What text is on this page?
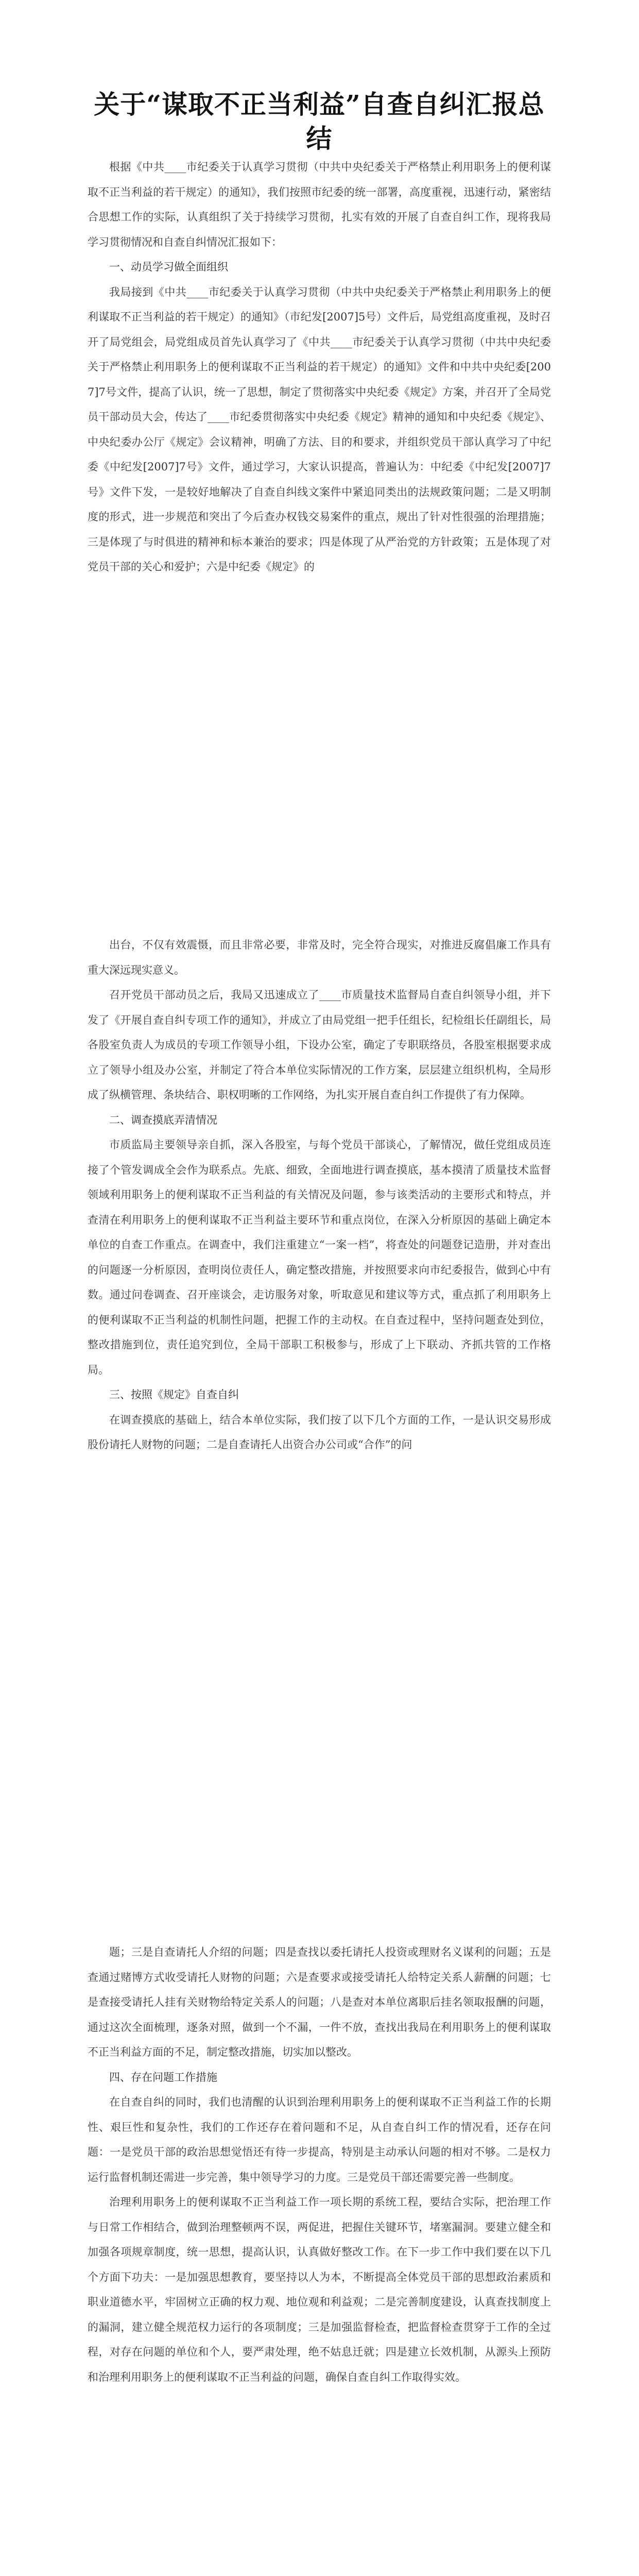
关于“谋取不正当利益”自查自纠汇报总结

根据《中共____市纪委关于认真学习贯彻（中共中央纪委关于严格禁止利用职务上的便利谋取不正当利益的若干规定）的通知》，我们按照市纪委的统一部署，高度重视，迅速行动，紧密结合思想工作的实际，认真组织了关于持续学习贯彻，扎实有效的开展了自查自纠工作，现将我局学习贯彻情况和自查自纠情况汇报如下：

一、动员学习做全面组织

我局接到《中共____市纪委关于认真学习贯彻（中共中央纪委关于严格禁止利用职务上的便利谋取不正当利益的若干规定）的通知》（市纪发[2007]5号）文件后，局党组高度重视，及时召开了局党组会，局党组成员首先认真学习了《中共____市纪委关于认真学习贯彻（中共中央纪委关于严格禁止利用职务上的便利谋取不正当利益的若干规定）的通知》文件和中共中央纪委[2007]7号文件，提高了认识，统一了思想，制定了贯彻落实中央纪委《规定》方案，并召开了全局党员干部动员大会，传达了____市纪委贯彻落实中央纪委《规定》精神的通知和中央纪委《规定》、中央纪委办公厅《规定》会议精神，明确了方法、目的和要求，并组织党员干部认真学习了中纪委《中纪发[2007]7号》文件，通过学习，大家认识提高，普遍认为：中纪委《中纪发[2007]7号》文件下发，一是较好地解决了自查自纠线文案件中紧追同类出的法规政策问题；二是又明制度的形式，进一步规范和突出了今后查办权钱交易案件的重点，规出了针对性很强的治理措施；三是体现了与时俱进的精神和标本兼治的要求；四是体现了从严治党的方针政策；五是体现了对党员干部的关心和爱护；六是中纪委《规定》的

出台，不仅有效震慑，而且非常必要，非常及时，完全符合现实，对推进反腐倡廉工作具有重大深远现实意义。

召开党员干部动员之后，我局又迅速成立了____市质量技术监督局自查自纠领导小组，并下发了《开展自查自纠专项工作的通知》，并成立了由局党组一把手任组长，纪检组长任副组长，局各股室负责人为成员的专项工作领导小组，下设办公室，确定了专职联络员，各股室根据要求成立了领导小组及办公室，并制定了符合本单位实际情况的工作方案，层层建立组织机构，全局形成了纵横管理、条块结合、职权明晰的工作网络，为扎实开展自查自纠工作提供了有力保障。

二、调查摸底弄清情况

市质监局主要领导亲自抓，深入各股室，与每个党员干部谈心，了解情况，做任党组成员连接了个管发调成全会作为联系点。先底、细致，全面地进行调查摸底，基本摸清了质量技术监督领域利用职务上的便利谋取不正当利益的有关情况及问题，参与该类活动的主要形式和特点，并查清在利用职务上的便利谋取不正当利益主要环节和重点岗位，在深入分析原因的基础上确定本单位的自查工作重点。在调查中，我们注重建立“一案一档”，将查处的问题登记造册，并对查出的问题逐一分析原因，查明岗位责任人，确定整改措施，并按照要求向市纪委报告，做到心中有数。通过问卷调查、召开座谈会，走访服务对象，听取意见和建议等方式，重点抓了利用职务上的便利谋取不正当利益的机制性问题，把握工作的主动权。在自查过程中，坚持问题查处到位，整改措施到位，责任追究到位，全局干部职工积极参与，形成了上下联动、齐抓共管的工作格局。

三、按照《规定》自查自纠

在调查摸底的基础上，结合本单位实际，我们按了以下几个方面的工作，一是认识交易形成股份请托人财物的问题；二是自查请托人出资合办公司或“合作”的问

题；三是自查请托人介绍的问题；四是查找以委托请托人投资或理财名义谋利的问题；五是查通过赌博方式收受请托人财物的问题；六是查要求或接受请托人给特定关系人薪酬的问题；七是查接受请托人挂有关财物给特定关系人的问题；八是查对本单位离职后挂名领取报酬的问题，通过这次全面梳理，逐条对照，做到一个不漏，一件不放，查找出我局在利用职务上的便利谋取不正当利益方面的不足，制定整改措施，切实加以整改。

四、存在问题工作措施

在自查自纠的同时，我们也清醒的认识到治理利用职务上的便利谋取不正当利益工作的长期性、艰巨性和复杂性，我们的工作还存在着问题和不足，从自查自纠工作的情况看，还存在问题：一是党员干部的政治思想觉悟还有待一步提高，特别是主动承认问题的相对不够。二是权力运行监督机制还需进一步完善，集中领导学习的力度。三是党员干部还需要完善一些制度。

治理利用职务上的便利谋取不正当利益工作一项长期的系统工程，要结合实际，把治理工作与日常工作相结合，做到治理整顿两不误，两促进，把握住关键环节，堵塞漏洞。要建立健全和加强各项规章制度，统一思想，提高认识，认真做好整改工作。在下一步工作中我们要在以下几个方面下功夫：一是加强思想教育，要坚持以人为本，不断提高全体党员干部的思想政治素质和职业道德水平，牢固树立正确的权力观、地位观和利益观；二是完善制度建设，认真查找制度上的漏洞，建立健全规范权力运行的各项制度；三是加强监督检查，把监督检查贯穿于工作的全过程，对存在问题的单位和个人，要严肃处理，绝不姑息迁就；四是建立长效机制，从源头上预防和治理利用职务上的便利谋取不正当利益的问题，确保自查自纠工作取得实效。
